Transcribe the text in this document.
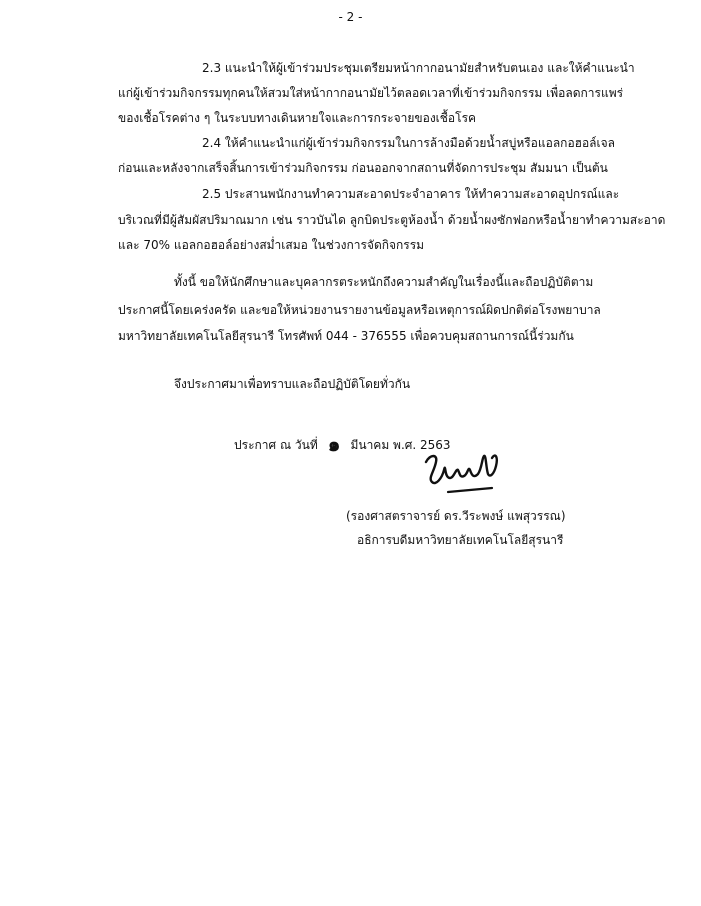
- 2 -
2.3 แนะนำให้ผู้เข้าร่วมประชุมเตรียมหน้ากากอนามัยสำหรับตนเอง และให้คำแนะนำ
แก่ผู้เข้าร่วมกิจกรรมทุกคนให้สวมใส่หน้ากากอนามัยไว้ตลอดเวลาที่เข้าร่วมกิจกรรม เพื่อลดการแพร่
ของเชื้อโรคต่าง ๆ ในระบบทางเดินหายใจและการกระจายของเชื้อโรค
2.4 ให้คำแนะนำแก่ผู้เข้าร่วมกิจกรรมในการล้างมือด้วยน้ำสบู่หรือแอลกอฮอล์เจล
ก่อนและหลังจากเสร็จสิ้นการเข้าร่วมกิจกรรม ก่อนออกจากสถานที่จัดการประชุม สัมมนา เป็นต้น
2.5 ประสานพนักงานทำความสะอาดประจำอาคาร ให้ทำความสะอาดอุปกรณ์และ
บริเวณที่มีผู้สัมผัสปริมาณมาก เช่น ราวบันได ลูกบิดประตูห้องน้ำ ด้วยน้ำผงซักฟอกหรือน้ำยาทำความสะอาด
และ 70% แอลกอฮอล์อย่างสม่ำเสมอ ในช่วงการจัดกิจกรรม
ทั้งนี้ ขอให้นักศึกษาและบุคลากรตระหนักถึงความสำคัญในเรื่องนี้และถือปฏิบัติตาม
ประกาศนี้โดยเคร่งครัด และขอให้หน่วยงานรายงานข้อมูลหรือเหตุการณ์ผิดปกติต่อโรงพยาบาล
มหาวิทยาลัยเทคโนโลยีสุรนารี โทรศัพท์ 044 - 376555 เพื่อควบคุมสถานการณ์นี้ร่วมกัน
จึงประกาศมาเพื่อทราบและถือปฏิบัติโดยทั่วกัน
ประกาศ ณ วันที่ ๑ มีนาคม พ.ศ. 2563
(รองศาสตราจารย์ ดร.วีระพงษ์ แพสุวรรณ)
อธิการบดีมหาวิทยาลัยเทคโนโลยีสุรนารี
